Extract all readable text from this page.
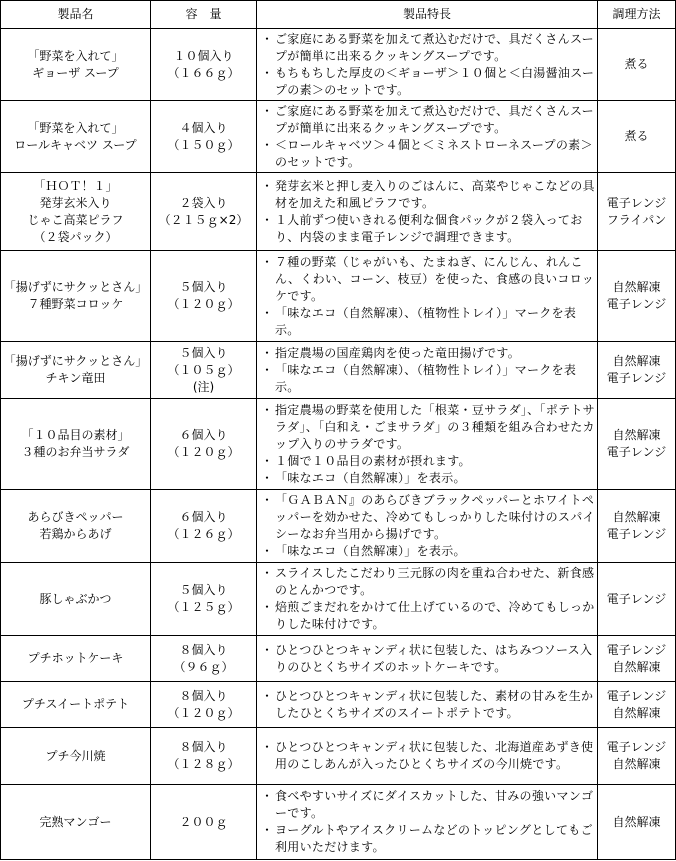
製品名	容　量	製品特長	調理方法

「野菜を入れて」
ギョーザ スープ	１０個入り
（１６６ｇ）	・ ご家庭にある野菜を加えて煮込むだけで、具だくさんスープが簡単に出来るクッキングスープです。
・ もちもちした厚皮の＜ギョーザ＞１０個と＜白湯醤油スープの素＞のセットです。	煮る

「野菜を入れて」
ロールキャベツ スープ	４個入り
（１５０ｇ）	・ ご家庭にある野菜を加えて煮込むだけで、具だくさんスープが簡単に出来るクッキングスープです。
・ ＜ロールキャベツ＞４個と＜ミネストローネスープの素＞のセットです。	煮る

「ＨＯＴ！１」
発芽玄米入り
じゃこ高菜ピラフ
（２袋パック）	２袋入り
（２１５ｇ×2）	・ 発芽玄米と押し麦入りのごはんに、高菜やじゃこなどの具材を加えた和風ピラフです。
・ １人前ずつ使いきれる便利な個食パックが２袋入っており、内袋のまま電子レンジで調理できます。	電子レンジ
フライパン

「揚げずにサクッとさん」
７種野菜コロッケ	５個入り
（１２０ｇ）	・ ７種の野菜（じゃがいも、たまねぎ、にんじん、れんこん、くわい、コーン、枝豆）を使った、食感の良いコロッケです。
・ 「味なエコ（自然解凍）、（植物性トレイ）」マークを表示。	自然解凍
電子レンジ

「揚げずにサクッとさん」
チキン竜田	５個入り
（１０５ｇ）
(注)	・ 指定農場の国産鶏肉を使った竜田揚げです。
・ 「味なエコ（自然解凍）、（植物性トレイ）」マークを表示。	自然解凍
電子レンジ

「１０品目の素材」
３種のお弁当サラダ	６個入り
（１２０ｇ）	・ 指定農場の野菜を使用した「根菜・豆サラダ」、「ポテトサラダ」、「白和え・ごまサラダ」の３種類を組み合わせたカップ入りのサラダです。
・ １個で１０品目の素材が摂れます。
・ 「味なエコ（自然解凍）」を表示。	自然解凍
電子レンジ

あらびきペッパー
若鶏からあげ	６個入り
（１２６ｇ）	・ 「ＧＡＢＡＮ』のあらびきブラックペッパーとホワイトペッパーを効かせた、冷めてもしっかりした味付けのスパイシーなお弁当用から揚げです。
・ 「味なエコ（自然解凍）」を表示。	自然解凍
電子レンジ

豚しゃぶかつ	５個入り
（１２５ｇ）	・ スライスしたこだわり三元豚の肉を重ね合わせた、新食感のとんかつです。
・ 焙煎ごまだれをかけて仕上げているので、冷めてもしっかりした味付けです。	電子レンジ

プチホットケーキ	８個入り
（９６ｇ）	・ ひとつひとつキャンディ状に包装した、はちみつソース入りのひとくちサイズのホットケーキです。	電子レンジ
自然解凍

プチスイートポテト	８個入り
（１２０ｇ）	・ ひとつひとつキャンディ状に包装した、素材の甘みを生かしたひとくちサイズのスイートポテトです。	電子レンジ
自然解凍

プチ今川焼	８個入り
（１２８ｇ）	・ ひとつひとつキャンディ状に包装した、北海道産あずき使用のこしあんが入ったひとくちサイズの今川焼です。	電子レンジ
自然解凍

完熟マンゴー	２００ｇ	・ 食べやすいサイズにダイスカットした、甘みの強いマンゴーです。
・ ヨーグルトやアイスクリームなどのトッピングとしてもご利用いただけます。	自然解凍
